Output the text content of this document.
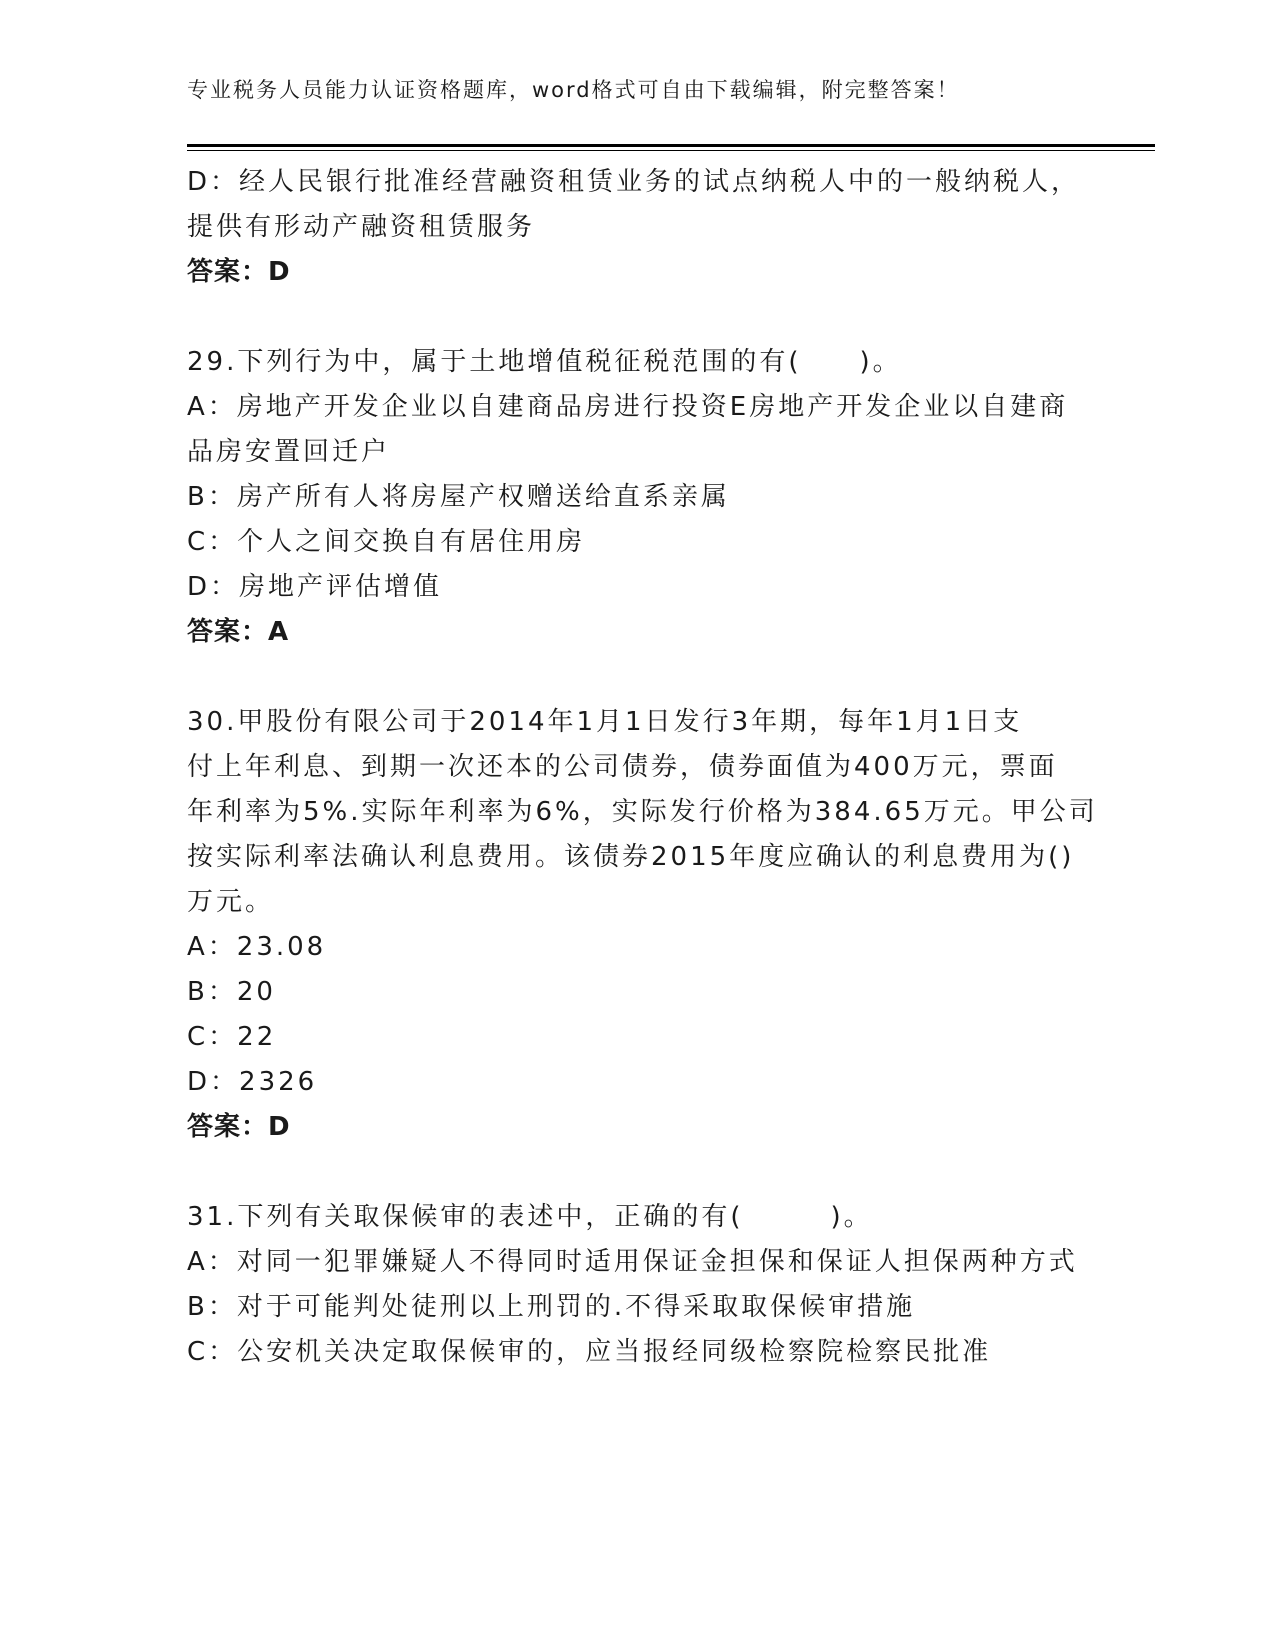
专业税务人员能力认证资格题库，word格式可自由下载编辑，附完整答案！
D：经人民银行批准经营融资租赁业务的试点纳税人中的一般纳税人，
提供有形动产融资租赁服务
答案：D
29.下列行为中，属于土地增值税征税范围的有(　　)。
A：房地产开发企业以自建商品房进行投资E房地产开发企业以自建商
品房安置回迁户
B：房产所有人将房屋产权赠送给直系亲属
C：个人之间交换自有居住用房
D：房地产评估增值
答案：A
30.甲股份有限公司于2014年1月1日发行3年期，每年1月1日支
付上年利息、到期一次还本的公司债券，债券面值为400万元，票面
年利率为5%.实际年利率为6%，实际发行价格为384.65万元。甲公司
按实际利率法确认利息费用。该债券2015年度应确认的利息费用为()
万元。
A：23.08
B：20
C：22
D：2326
答案：D
31.下列有关取保候审的表述中，正确的有(　　　)。
A：对同一犯罪嫌疑人不得同时适用保证金担保和保证人担保两种方式
B：对于可能判处徒刑以上刑罚的.不得采取取保候审措施
C：公安机关决定取保候审的，应当报经同级检察院检察民批准
